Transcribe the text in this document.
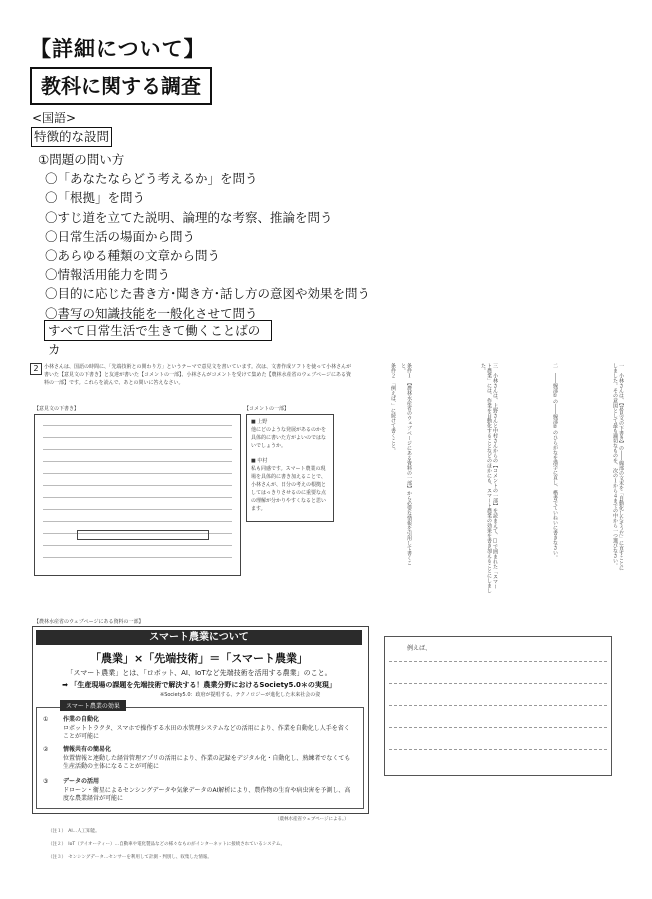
【詳細について】
教科に関する調査
<国語>
特徴的な設問
①問題の問い方
〇「あなたならどう考えるか」を問う
〇「根拠」を問う
〇すじ道を立てた説明、論理的な考察、推論を問う
〇日常生活の場面から問う
〇あらゆる種類の文章から問う
〇情報活用能力を問う
〇目的に応じた書き方･聞き方･話し方の意図や効果を問う
〇書写の知識技能を一般化させて問う
すべて日常生活で生きて働くことばのカ
2	小林さんは、国語の時間に、「先端技術との関わり方」というテーマで意見文を書いています。次は、文書作成ソフトを使って小林さんが書いた【意見文の下書き】と友達が書いた【コメントの一部】、小林さんがコメントを受けて集めた【農林水産省のウェブページにある資料の一部】です。これらを読んで、あとの問いに答えなさい。
【意見文の下書き】	【コメントの一部】
■ 上野
他にどのような発展があるのかを具体的に書いた方がよいのではないでしょうか。
■ 中村
私も同感です。スマート農業の現場を具体的に書き加えることで、小林さんが、日分の考えの根拠としてはっきりさせるのに重要な点の理解が分かりやすくなると思います。	一　小林さんは、【意見文の下書き】の――線部の文末を「自動化したそうだ」に直すことにしました。その意図として最も適切なものを、次の１から４までの中から一つ選びなさい。
二　――線部①の――線部②のひらがなを漢字に直し、楷書でていねいに書きなさい。
三　小林さんは、上野さんと中村さんからの【コメントの一部】を読まえて、□で囲まれた「スマート農業」には、作業を自動化することなどのほかにも、スマート農業の効果を書き加えることにしました。
条件１　【農林水産省のウェブページにある資料の一部】から必要な情報を引用して書くこと。
条件２　「例えば、」に続けて書くこと。
例えば、
【農林水産省のウェブページにある資料の一部】
スマート農業について
「農業」×「先端技術」＝「スマート農業」
「スマート農業」とは、「ロボット、AI、IoTなど先端技術を活用する農業」のこと。
➡ 「生産現場の課題を先端技術で解決する！農業分野におけるSociety5.0＊の実現」
※Society5.0：政府が提唱する、テクノロジーが進化した未来社会の姿
① 作業の自動化
ロボットトラクタ、スマホで操作する水田の水管理システムなどの活用により、作業を自動化し人手を省くことが可能に
② 情報共有の簡易化
位置情報と連動した経営管理アプリの活用により、作業の記録をデジタル化・自動化し、熟練者でなくても生産活動の主体になることが可能に
③ データの活用
ドローン・衛星によるセンシングデータや気象データのAI解析により、農作物の生育や病虫害を予測し、高度な農業経営が可能に
スマート農業の効果
（農林水産省ウェブページによる。）
（注１）　AI…人工知能。
（注２）　IoT（アイオーティー）…自動車や電化製品などの様々なものがインターネットに接続されているシステム。
（注３）　センシングデータ…センサーを利用して計測・判別し、収集した情報。
